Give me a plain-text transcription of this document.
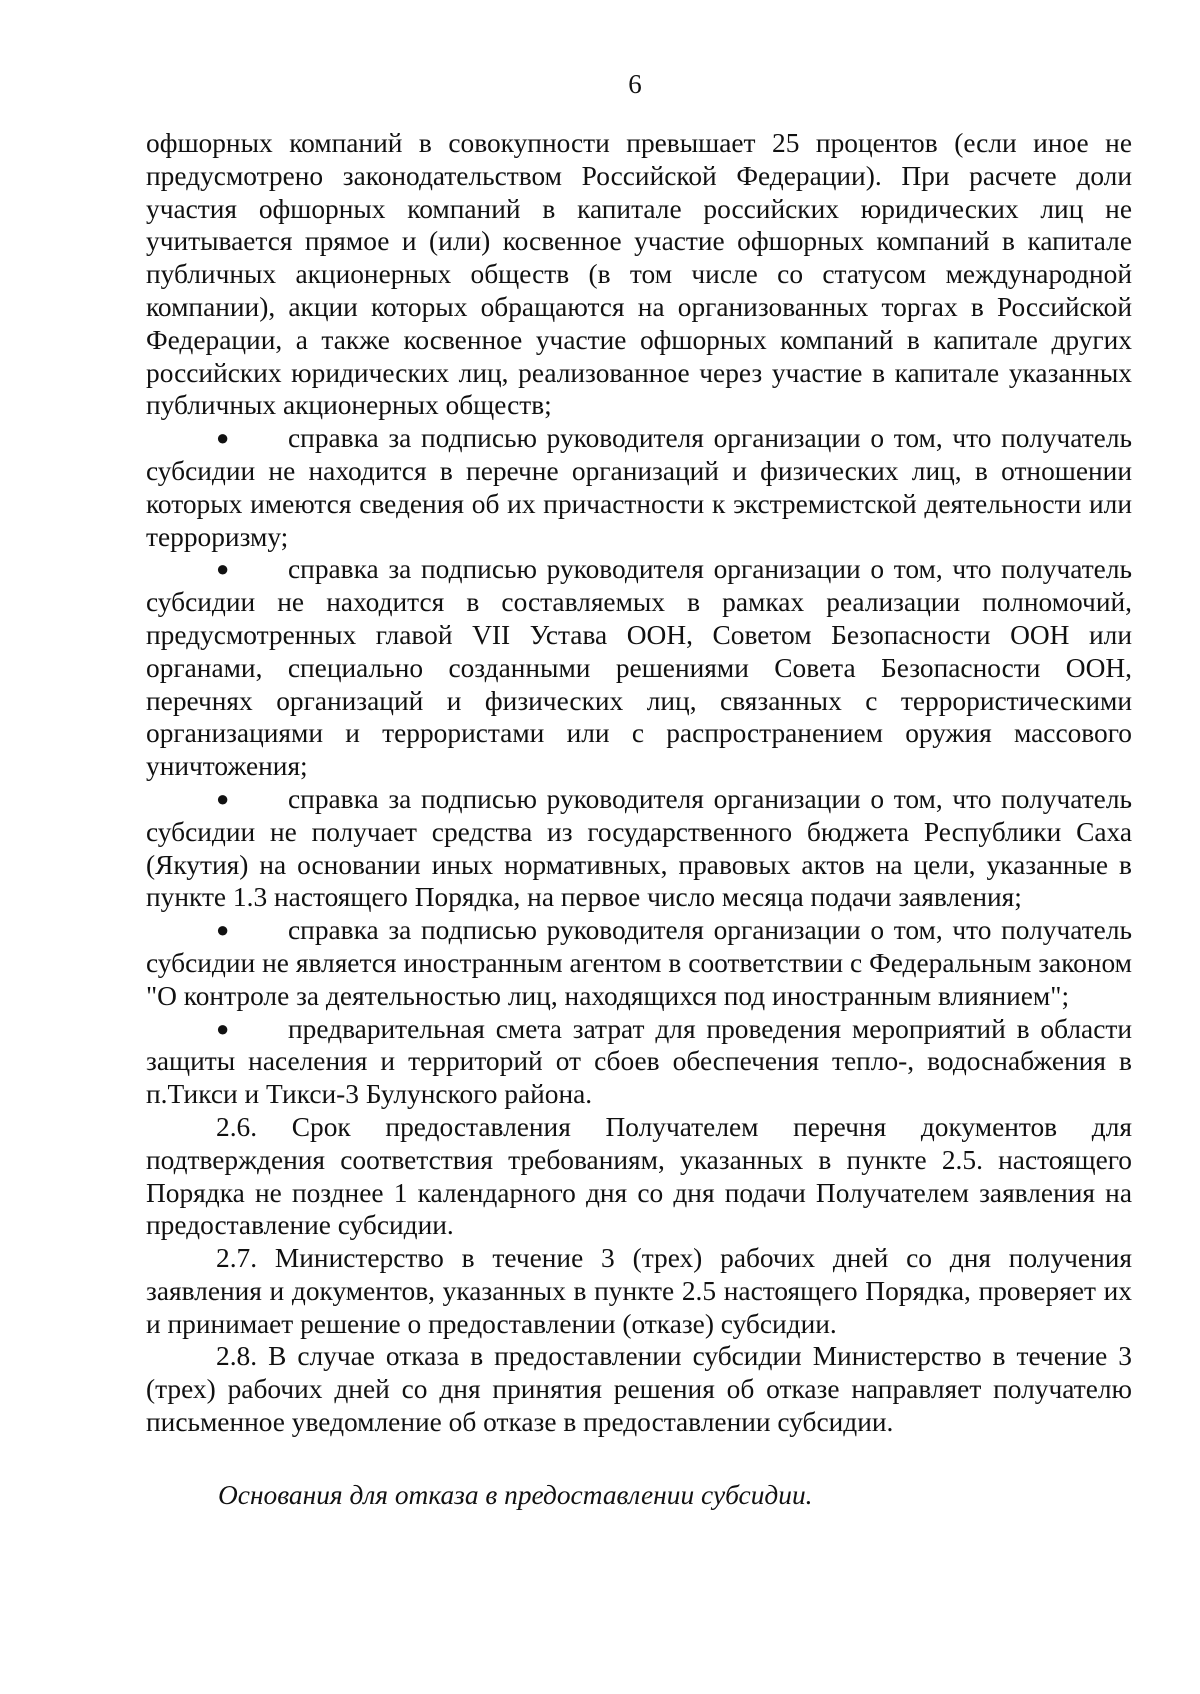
6

офшорных компаний в совокупности превышает 25 процентов (если иное не предусмотрено законодательством Российской Федерации). При расчете доли участия офшорных компаний в капитале российских юридических лиц не учитывается прямое и (или) косвенное участие офшорных компаний в капитале публичных акционерных обществ (в том числе со статусом международной компании), акции которых обращаются на организованных торгах в Российской Федерации, а также косвенное участие офшорных компаний в капитале других российских юридических лиц, реализованное через участие в капитале указанных публичных акционерных обществ;

● справка за подписью руководителя организации о том, что получатель субсидии не находится в перечне организаций и физических лиц, в отношении которых имеются сведения об их причастности к экстремистской деятельности или терроризму;

● справка за подписью руководителя организации о том, что получатель субсидии не находится в составляемых в рамках реализации полномочий, предусмотренных главой VII Устава ООН, Советом Безопасности ООН или органами, специально созданными решениями Совета Безопасности ООН, перечнях организаций и физических лиц, связанных с террористическими организациями и террористами или с распространением оружия массового уничтожения;

● справка за подписью руководителя организации о том, что получатель субсидии не получает средства из государственного бюджета Республики Саха (Якутия) на основании иных нормативных, правовых актов на цели, указанные в пункте 1.3 настоящего Порядка, на первое число месяца подачи заявления;

● справка за подписью руководителя организации о том, что получатель субсидии не является иностранным агентом в соответствии с Федеральным законом "О контроле за деятельностью лиц, находящихся под иностранным влиянием";

● предварительная смета затрат для проведения мероприятий в области защиты населения и территорий от сбоев обеспечения тепло-, водоснабжения в п.Тикси и Тикси-3 Булунского района.

2.6. Срок предоставления Получателем перечня документов для подтверждения соответствия требованиям, указанных в пункте 2.5. настоящего Порядка не позднее 1 календарного дня со дня подачи Получателем заявления на предоставление субсидии.

2.7. Министерство в течение 3 (трех) рабочих дней со дня получения заявления и документов, указанных в пункте 2.5 настоящего Порядка, проверяет их и принимает решение о предоставлении (отказе) субсидии.

2.8. В случае отказа в предоставлении субсидии Министерство в течение 3 (трех) рабочих дней со дня принятия решения об отказе направляет получателю письменное уведомление об отказе в предоставлении субсидии.

Основания для отказа в предоставлении субсидии.
